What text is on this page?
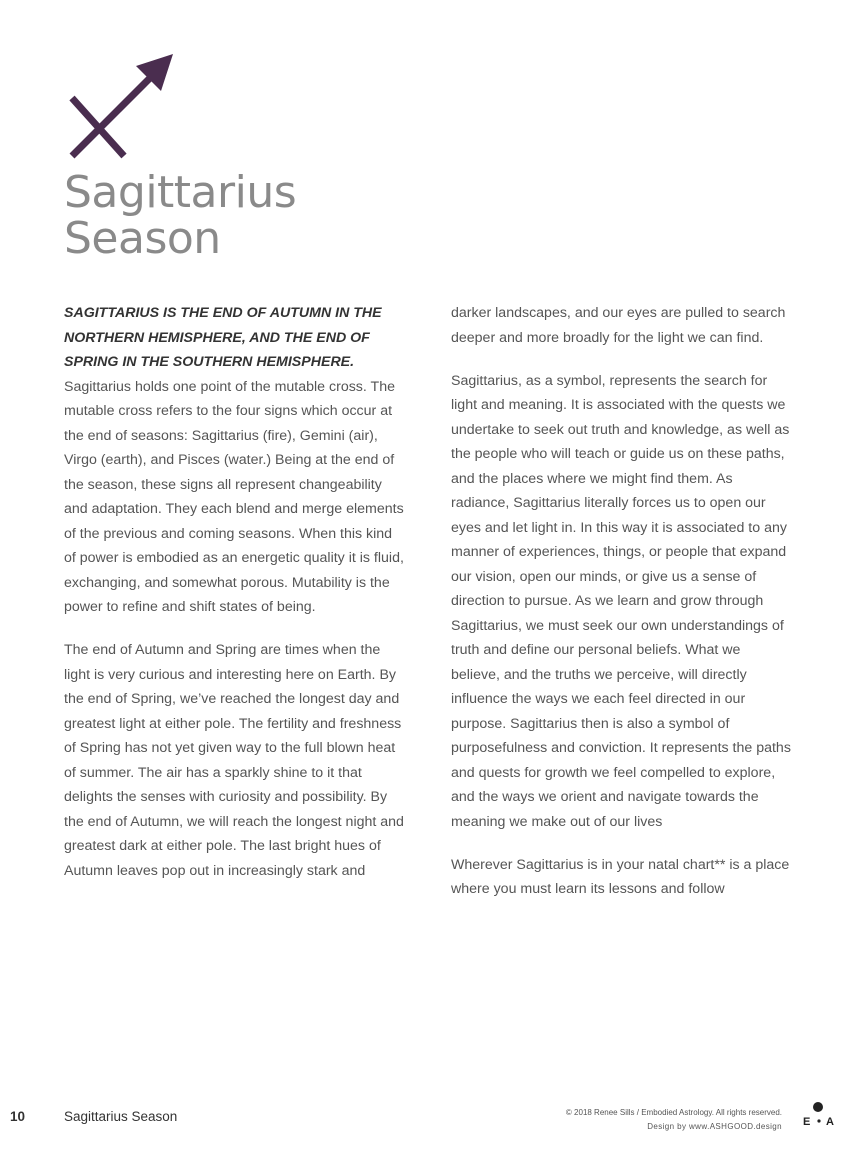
Sagittarius
Season

SAGITTARIUS IS THE END OF AUTUMN IN THE NORTHERN HEMISPHERE, AND THE END OF SPRING IN THE SOUTHERN HEMISPHERE. Sagittarius holds one point of the mutable cross. The mutable cross refers to the four signs which occur at the end of seasons: Sagittarius (fire), Gemini (air), Virgo (earth), and Pisces (water.) Being at the end of the season, these signs all represent changeability and adaptation. They each blend and merge elements of the previous and coming seasons. When this kind of power is embodied as an energetic quality it is fluid, exchanging, and somewhat porous. Mutability is the power to refine and shift states of being.

The end of Autumn and Spring are times when the light is very curious and interesting here on Earth. By the end of Spring, we’ve reached the longest day and greatest light at either pole. The fertility and freshness of Spring has not yet given way to the full blown heat of summer. The air has a sparkly shine to it that delights the senses with curiosity and possibility. By the end of Autumn, we will reach the longest night and greatest dark at either pole. The last bright hues of Autumn leaves pop out in increasingly stark and

darker landscapes, and our eyes are pulled to search deeper and more broadly for the light we can find.

Sagittarius, as a symbol, represents the search for light and meaning. It is associated with the quests we undertake to seek out truth and knowledge, as well as the people who will teach or guide us on these paths, and the places where we might find them. As radiance, Sagittarius literally forces us to open our eyes and let light in. In this way it is associated to any manner of experiences, things, or people that expand our vision, open our minds, or give us a sense of direction to pursue. As we learn and grow through Sagittarius, we must seek our own understandings of truth and define our personal beliefs. What we believe, and the truths we perceive, will directly influence the ways we each feel directed in our purpose. Sagittarius then is also a symbol of purposefulness and conviction. It represents the paths and quests for growth we feel compelled to explore, and the ways we orient and navigate towards the meaning we make out of our lives

Wherever Sagittarius is in your natal chart** is a place where you must learn its lessons and follow

10	Sagittarius Season	© 2018 Renee Sills / Embodied Astrology. All rights reserved.
Design by www.ASHGOOD.design E A
